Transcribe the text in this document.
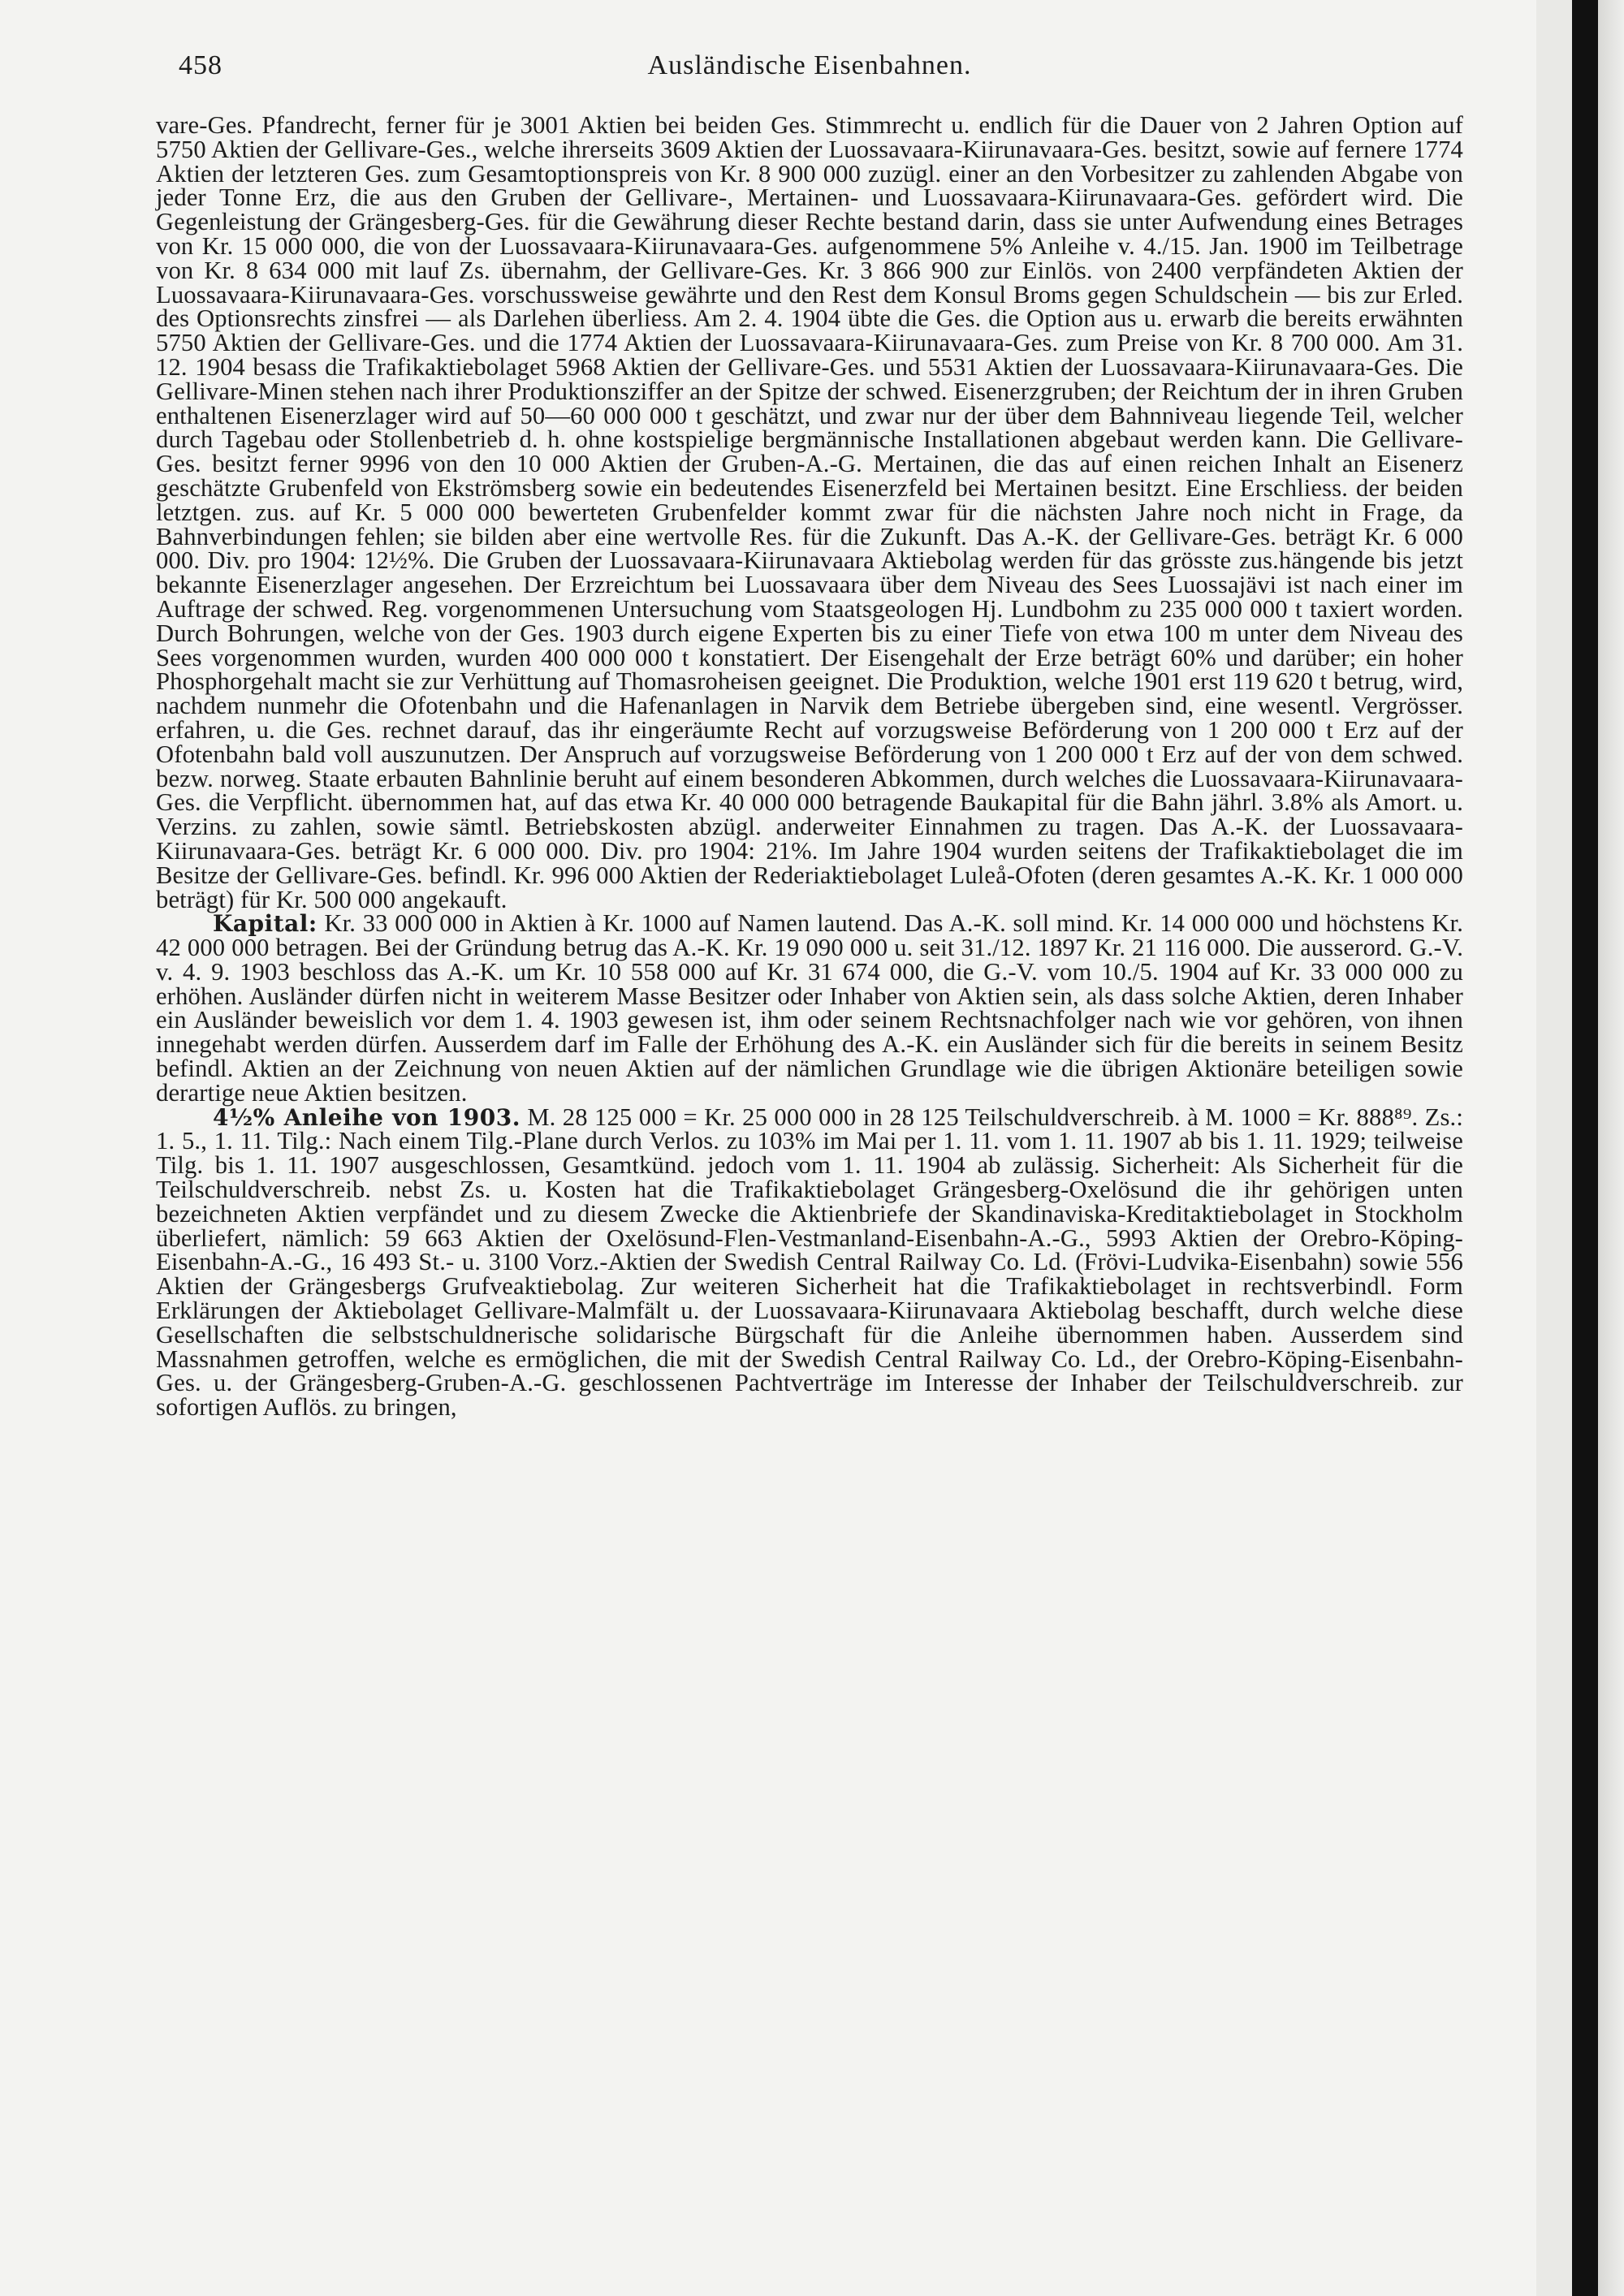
458	Ausländische Eisenbahnen.

vare-Ges. Pfandrecht, ferner für je 3001 Aktien bei beiden Ges. Stimmrecht u. endlich für die Dauer von 2 Jahren Option auf 5750 Aktien der Gellivare-Ges., welche ihrerseits 3609 Aktien der Luossavaara-Kiirunavaara-Ges. besitzt, sowie auf fernere 1774 Aktien der letzteren Ges. zum Gesamtoptionspreis von Kr. 8 900 000 zuzügl. einer an den Vorbesitzer zu zahlenden Abgabe von jeder Tonne Erz, die aus den Gruben der Gellivare-, Mertainen- und Luossavaara-Kiirunavaara-Ges. gefördert wird. Die Gegenleistung der Grängesberg-Ges. für die Gewährung dieser Rechte bestand darin, dass sie unter Aufwendung eines Betrages von Kr. 15 000 000, die von der Luossavaara-Kiirunavaara-Ges. aufgenommene 5% Anleihe v. 4./15. Jan. 1900 im Teilbetrage von Kr. 8 634 000 mit lauf Zs. übernahm, der Gellivare-Ges. Kr. 3 866 900 zur Einlös. von 2400 verpfändeten Aktien der Luossavaara-Kiirunavaara-Ges. vorschussweise gewährte und den Rest dem Konsul Broms gegen Schuldschein — bis zur Erled. des Optionsrechts zinsfrei — als Darlehen überliess. Am 2. 4. 1904 übte die Ges. die Option aus u. erwarb die bereits erwähnten 5750 Aktien der Gellivare-Ges. und die 1774 Aktien der Luossavaara-Kiirunavaara-Ges. zum Preise von Kr. 8 700 000. Am 31. 12. 1904 besass die Trafikaktiebolaget 5968 Aktien der Gellivare-Ges. und 5531 Aktien der Luossavaara-Kiirunavaara-Ges. Die Gellivare-Minen stehen nach ihrer Produktionsziffer an der Spitze der schwed. Eisenerzgruben; der Reichtum der in ihren Gruben enthaltenen Eisenerzlager wird auf 50—60 000 000 t geschätzt, und zwar nur der über dem Bahnniveau liegende Teil, welcher durch Tagebau oder Stollenbetrieb d. h. ohne kostspielige bergmännische Installationen abgebaut werden kann. Die Gellivare-Ges. besitzt ferner 9996 von den 10 000 Aktien der Gruben-A.-G. Mertainen, die das auf einen reichen Inhalt an Eisenerz geschätzte Grubenfeld von Ekströmsberg sowie ein bedeutendes Eisenerzfeld bei Mertainen besitzt. Eine Erschliess. der beiden letztgen. zus. auf Kr. 5 000 000 bewerteten Grubenfelder kommt zwar für die nächsten Jahre noch nicht in Frage, da Bahnverbindungen fehlen; sie bilden aber eine wertvolle Res. für die Zukunft. Das A.-K. der Gellivare-Ges. beträgt Kr. 6 000 000. Div. pro 1904: 12½%. Die Gruben der Luossavaara-Kiirunavaara Aktiebolag werden für das grösste zus.hängende bis jetzt bekannte Eisenerzlager angesehen. Der Erzreichtum bei Luossavaara über dem Niveau des Sees Luossajävi ist nach einer im Auftrage der schwed. Reg. vorgenommenen Untersuchung vom Staatsgeologen Hj. Lundbohm zu 235 000 000 t taxiert worden. Durch Bohrungen, welche von der Ges. 1903 durch eigene Experten bis zu einer Tiefe von etwa 100 m unter dem Niveau des Sees vorgenommen wurden, wurden 400 000 000 t konstatiert. Der Eisengehalt der Erze beträgt 60% und darüber; ein hoher Phosphorgehalt macht sie zur Verhüttung auf Thomasroheisen geeignet. Die Produktion, welche 1901 erst 119 620 t betrug, wird, nachdem nunmehr die Ofotenbahn und die Hafenanlagen in Narvik dem Betriebe übergeben sind, eine wesentl. Vergrösser. erfahren, u. die Ges. rechnet darauf, das ihr eingeräumte Recht auf vorzugsweise Beförderung von 1 200 000 t Erz auf der Ofotenbahn bald voll auszunutzen. Der Anspruch auf vorzugsweise Beförderung von 1 200 000 t Erz auf der von dem schwed. bezw. norweg. Staate erbauten Bahnlinie beruht auf einem besonderen Abkommen, durch welches die Luossavaara-Kiirunavaara-Ges. die Verpflicht. übernommen hat, auf das etwa Kr. 40 000 000 betragende Baukapital für die Bahn jährl. 3.8% als Amort. u. Verzins. zu zahlen, sowie sämtl. Betriebskosten abzügl. anderweiter Einnahmen zu tragen. Das A.-K. der Luossavaara-Kiirunavaara-Ges. beträgt Kr. 6 000 000. Div. pro 1904: 21%. Im Jahre 1904 wurden seitens der Trafikaktiebolaget die im Besitze der Gellivare-Ges. befindl. Kr. 996 000 Aktien der Rederiaktiebolaget Luleå-Ofoten (deren gesamtes A.-K. Kr. 1 000 000 beträgt) für Kr. 500 000 angekauft.

Kapital: Kr. 33 000 000 in Aktien à Kr. 1000 auf Namen lautend. Das A.-K. soll mind. Kr. 14 000 000 und höchstens Kr. 42 000 000 betragen. Bei der Gründung betrug das A.-K. Kr. 19 090 000 u. seit 31./12. 1897 Kr. 21 116 000. Die ausserord. G.-V. v. 4. 9. 1903 beschloss das A.-K. um Kr. 10 558 000 auf Kr. 31 674 000, die G.-V. vom 10./5. 1904 auf Kr. 33 000 000 zu erhöhen. Ausländer dürfen nicht in weiterem Masse Besitzer oder Inhaber von Aktien sein, als dass solche Aktien, deren Inhaber ein Ausländer beweislich vor dem 1. 4. 1903 gewesen ist, ihm oder seinem Rechtsnachfolger nach wie vor gehören, von ihnen innegehabt werden dürfen. Ausserdem darf im Falle der Erhöhung des A.-K. ein Ausländer sich für die bereits in seinem Besitz befindl. Aktien an der Zeichnung von neuen Aktien auf der nämlichen Grundlage wie die übrigen Aktionäre beteiligen sowie derartige neue Aktien besitzen.

4½% Anleihe von 1903. M. 28 125 000 = Kr. 25 000 000 in 28 125 Teilschuldverschreib. à M. 1000 = Kr. 888⁸⁹. Zs.: 1. 5., 1. 11. Tilg.: Nach einem Tilg.-Plane durch Verlos. zu 103% im Mai per 1. 11. vom 1. 11. 1907 ab bis 1. 11. 1929; teilweise Tilg. bis 1. 11. 1907 ausgeschlossen, Gesamtkünd. jedoch vom 1. 11. 1904 ab zulässig. Sicherheit: Als Sicherheit für die Teilschuldverschreib. nebst Zs. u. Kosten hat die Trafikaktiebolaget Grängesberg-Oxelösund die ihr gehörigen unten bezeichneten Aktien verpfändet und zu diesem Zwecke die Aktienbriefe der Skandinaviska-Kreditaktiebolaget in Stockholm überliefert, nämlich: 59 663 Aktien der Oxelösund-Flen-Vestmanland-Eisenbahn-A.-G., 5993 Aktien der Orebro-Köping-Eisenbahn-A.-G., 16 493 St.- u. 3100 Vorz.-Aktien der Swedish Central Railway Co. Ld. (Frövi-Ludvika-Eisenbahn) sowie 556 Aktien der Grängesbergs Grufveaktiebolag. Zur weiteren Sicherheit hat die Trafikaktiebolaget in rechtsverbindl. Form Erklärungen der Aktiebolaget Gellivare-Malmfält u. der Luossavaara-Kiirunavaara Aktiebolag beschafft, durch welche diese Gesellschaften die selbstschuldnerische solidarische Bürgschaft für die Anleihe übernommen haben. Ausserdem sind Massnahmen getroffen, welche es ermöglichen, die mit der Swedish Central Railway Co. Ld., der Orebro-Köping-Eisenbahn-Ges. u. der Grängesberg-Gruben-A.-G. geschlossenen Pachtverträge im Interesse der Inhaber der Teilschuldverschreib. zur sofortigen Auflös. zu bringen,
